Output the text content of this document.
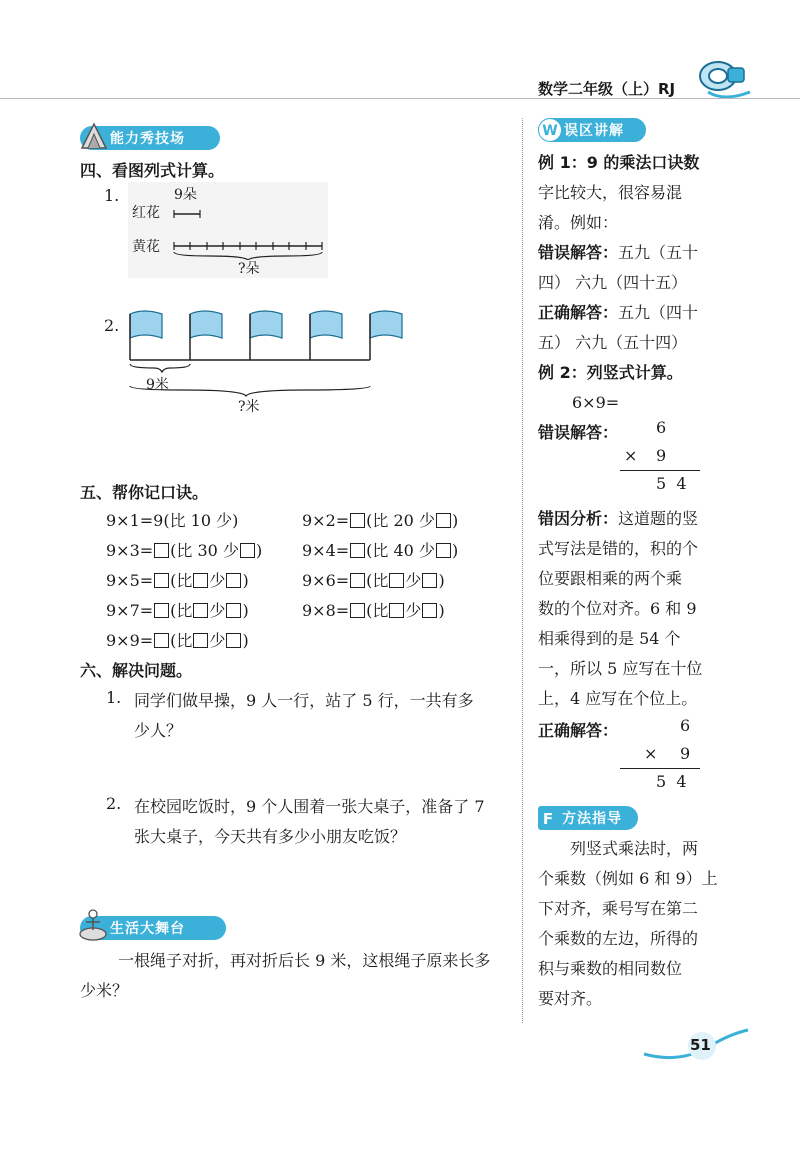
数学二年级（上）RJ
能力秀技场
四、看图列式计算。
1.	9朵
红花
黄花
?朵
2.
9米
?米
五、帮你记口诀。
9×1=9(比 10 少)	9×2= (比 20 少 )
9×3= (比 30 少 ) 9×4= (比 40 少 )
9×5= (比 少 )	9×6= (比 少 )
9×7= (比 少 )	9×8= (比 少 )
9×9= (比 少 )
六、解决问题。
1. 同学们做早操，9 人一行，站了 5 行，一共有多
少人？
2. 在校园吃饭时，9 个人围着一张大桌子，准备了 7
张大桌子，今天共有多少小朋友吃饭？
生活大舞台
一根绳子对折，再对折后长 9 米，这根绳子原来长多
少米？
误区讲解
W
例 1：9 的乘法口诀数
字比较大，很容易混
淆。例如：
错误解答：五九（五十
四） 六九（四十五）
正确解答：五九（四十
五） 六九（五十四）
例 2：列竖式计算。
6×9=
错误解答： 6
× 9
5  4
错因分析：这道题的竖
式写法是错的，积的个
位要跟相乘的两个乘
数的个位对齐。6 和 9
相乘得到的是 54 个
一，所以 5 应写在十位
上，4 应写在个位上。
正确解答：	6
× 9
5  4
方法指导
F
列竖式乘法时，两
个乘数（例如 6 和 9）上
下对齐，乘号写在第二
个乘数的左边，所得的
积与乘数的相同数位
要对齐。
51
